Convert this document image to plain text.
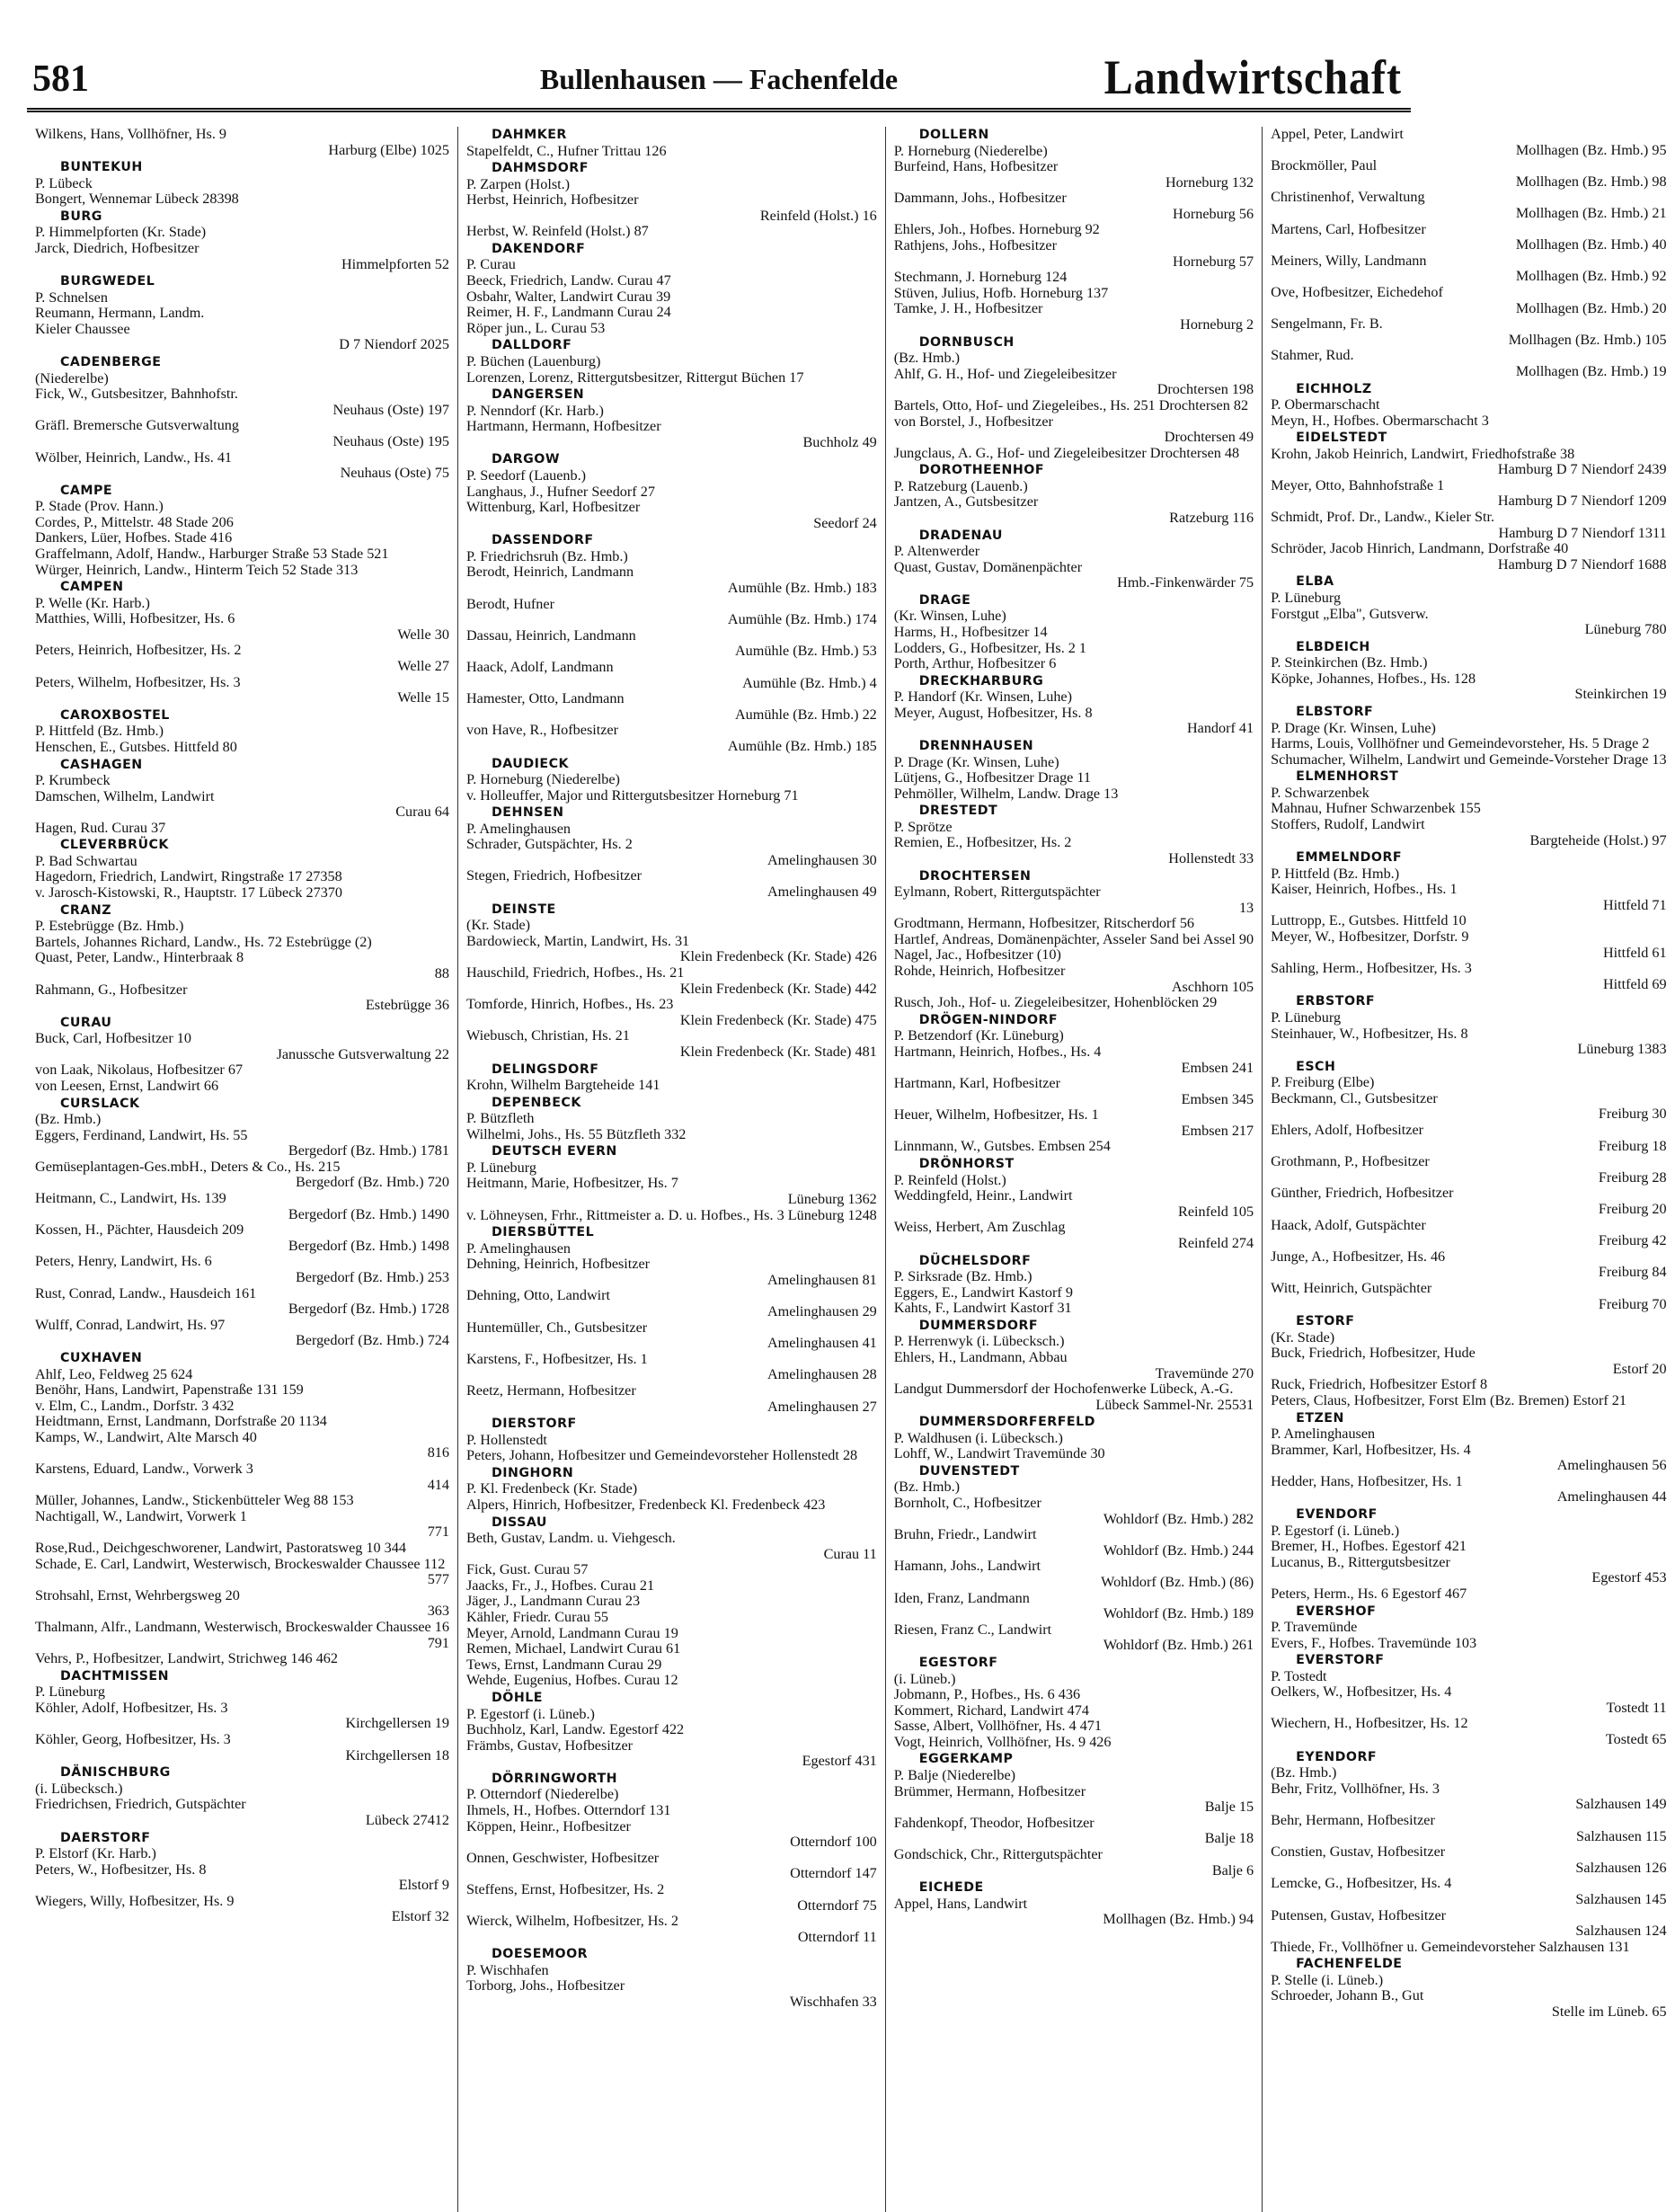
581	Bullenhausen — Fachenfelde	Landwirtschaft
Wilkens, Hans, Vollhöfner, Hs. 9
Harburg (Elbe) 1025
BUNTEKUH
P. Lübeck
Bongert, Wennemar Lübeck 28398
BURG
P. Himmelpforten (Kr. Stade)
Jarck, Diedrich, Hofbesitzer
Himmelpforten 52
BURGWEDEL
P. Schnelsen
Reumann, Hermann, Landm.
Kieler Chaussee
D 7 Niendorf 2025
CADENBERGE
(Niederelbe)
Fick, W., Gutsbesitzer, Bahnhofstr.
Neuhaus (Oste) 197
Gräfl. Bremersche Gutsverwaltung
Neuhaus (Oste) 195
Wölber, Heinrich, Landw., Hs. 41
Neuhaus (Oste) 75
CAMPE
P. Stade (Prov. Hann.)
Cordes, P., Mittelstr. 48 Stade 206
Dankers, Lüer, Hofbes. Stade 416
Graffelmann, Adolf, Handw., Harburger Straße 53 Stade 521
Würger, Heinrich, Landw., Hinterm Teich 52 Stade 313
CAMPEN
P. Welle (Kr. Harb.)
Matthies, Willi, Hofbesitzer, Hs. 6
Welle 30
Peters, Heinrich, Hofbesitzer, Hs. 2
Welle 27
Peters, Wilhelm, Hofbesitzer, Hs. 3
Welle 15
CAROXBOSTEL
P. Hittfeld (Bz. Hmb.)
Henschen, E., Gutsbes. Hittfeld 80
CASHAGEN
P. Krumbeck
Damschen, Wilhelm, Landwirt
Curau 64
Hagen, Rud. Curau 37
CLEVERBRÜCK
P. Bad Schwartau
Hagedorn, Friedrich, Landwirt, Ringstraße 17 27358
v. Jarosch-Kistowski, R., Hauptstr. 17 Lübeck 27370
CRANZ
P. Estebrügge (Bz. Hmb.)
Bartels, Johannes Richard, Landw., Hs. 72 Estebrügge (2)
Quast, Peter, Landw., Hinterbraak 8
88
Rahmann, G., Hofbesitzer
Estebrügge 36
CURAU
Buck, Carl, Hofbesitzer 10
Janussche Gutsverwaltung 22
von Laak, Nikolaus, Hofbesitzer 67
von Leesen, Ernst, Landwirt 66
CURSLACK
(Bz. Hmb.)
Eggers, Ferdinand, Landwirt, Hs. 55
Bergedorf (Bz. Hmb.) 1781
Gemüseplantagen-Ges.mbH., Deters & Co., Hs. 215
Bergedorf (Bz. Hmb.) 720
Heitmann, C., Landwirt, Hs. 139
Bergedorf (Bz. Hmb.) 1490
Kossen, H., Pächter, Hausdeich 209
Bergedorf (Bz. Hmb.) 1498
Peters, Henry, Landwirt, Hs. 6
Bergedorf (Bz. Hmb.) 253
Rust, Conrad, Landw., Hausdeich 161
Bergedorf (Bz. Hmb.) 1728
Wulff, Conrad, Landwirt, Hs. 97
Bergedorf (Bz. Hmb.) 724
CUXHAVEN
Ahlf, Leo, Feldweg 25 624
Benöhr, Hans, Landwirt, Papenstraße 131 159
v. Elm, C., Landm., Dorfstr. 3 432
Heidtmann, Ernst, Landmann, Dorfstraße 20 1134
Kamps, W., Landwirt, Alte Marsch 40
816
Karstens, Eduard, Landw., Vorwerk 3
414
Müller, Johannes, Landw., Stickenbütteler Weg 88 153
Nachtigall, W., Landwirt, Vorwerk 1
771
Rose,Rud., Deichgeschworener, Landwirt, Pastoratsweg 10 344
Schade, E. Carl, Landwirt, Westerwisch, Brockeswalder Chaussee 112
577
Strohsahl, Ernst, Wehrbergsweg 20
363
Thalmann, Alfr., Landmann, Westerwisch, Brockeswalder Chaussee 16
791
Vehrs, P., Hofbesitzer, Landwirt, Strichweg 146 462
DACHTMISSEN
P. Lüneburg
Köhler, Adolf, Hofbesitzer, Hs. 3
Kirchgellersen 19
Köhler, Georg, Hofbesitzer, Hs. 3
Kirchgellersen 18
DÄNISCHBURG
(i. Lübecksch.)
Friedrichsen, Friedrich, Gutspächter
Lübeck 27412
DAERSTORF
P. Elstorf (Kr. Harb.)
Peters, W., Hofbesitzer, Hs. 8
Elstorf 9
Wiegers, Willy, Hofbesitzer, Hs. 9
Elstorf 32
DAHMKER
Stapelfeldt, C., Hufner Trittau 126
DAHMSDORF
P. Zarpen (Holst.)
Herbst, Heinrich, Hofbesitzer
Reinfeld (Holst.) 16
Herbst, W. Reinfeld (Holst.) 87
DAKENDORF
P. Curau
Beeck, Friedrich, Landw. Curau 47
Osbahr, Walter, Landwirt Curau 39
Reimer, H. F., Landmann Curau 24
Röper jun., L. Curau 53
DALLDORF
P. Büchen (Lauenburg)
Lorenzen, Lorenz, Rittergutsbesitzer, Rittergut Büchen 17
DANGERSEN
P. Nenndorf (Kr. Harb.)
Hartmann, Hermann, Hofbesitzer
Buchholz 49
DARGOW
P. Seedorf (Lauenb.)
Langhaus, J., Hufner Seedorf 27
Wittenburg, Karl, Hofbesitzer
Seedorf 24
DASSENDORF
P. Friedrichsruh (Bz. Hmb.)
Berodt, Heinrich, Landmann
Aumühle (Bz. Hmb.) 183
Berodt, Hufner
Aumühle (Bz. Hmb.) 174
Dassau, Heinrich, Landmann
Aumühle (Bz. Hmb.) 53
Haack, Adolf, Landmann
Aumühle (Bz. Hmb.) 4
Hamester, Otto, Landmann
Aumühle (Bz. Hmb.) 22
von Have, R., Hofbesitzer
Aumühle (Bz. Hmb.) 185
DAUDIECK
P. Horneburg (Niederelbe)
v. Holleuffer, Major und Rittergutsbesitzer Horneburg 71
DEHNSEN
P. Amelinghausen
Schrader, Gutspächter, Hs. 2
Amelinghausen 30
Stegen, Friedrich, Hofbesitzer
Amelinghausen 49
DEINSTE
(Kr. Stade)
Bardowieck, Martin, Landwirt, Hs. 31
Klein Fredenbeck (Kr. Stade) 426
Hauschild, Friedrich, Hofbes., Hs. 21
Klein Fredenbeck (Kr. Stade) 442
Tomforde, Hinrich, Hofbes., Hs. 23
Klein Fredenbeck (Kr. Stade) 475
Wiebusch, Christian, Hs. 21
Klein Fredenbeck (Kr. Stade) 481
DELINGSDORF
Krohn, Wilhelm Bargteheide 141
DEPENBECK
P. Bützfleth
Wilhelmi, Johs., Hs. 55 Bützfleth 332
DEUTSCH EVERN
P. Lüneburg
Heitmann, Marie, Hofbesitzer, Hs. 7
Lüneburg 1362
v. Löhneysen, Frhr., Rittmeister a. D. u. Hofbes., Hs. 3 Lüneburg 1248
DIERSBÜTTEL
P. Amelinghausen
Dehning, Heinrich, Hofbesitzer
Amelinghausen 81
Dehning, Otto, Landwirt
Amelinghausen 29
Huntemüller, Ch., Gutsbesitzer
Amelinghausen 41
Karstens, F., Hofbesitzer, Hs. 1
Amelinghausen 28
Reetz, Hermann, Hofbesitzer
Amelinghausen 27
DIERSTORF
P. Hollenstedt
Peters, Johann, Hofbesitzer und Gemeindevorsteher Hollenstedt 28
DINGHORN
P. Kl. Fredenbeck (Kr. Stade)
Alpers, Hinrich, Hofbesitzer, Fredenbeck Kl. Fredenbeck 423
DISSAU
Beth, Gustav, Landm. u. Viehgesch.
Curau 11
Fick, Gust. Curau 57
Jaacks, Fr., J., Hofbes. Curau 21
Jäger, J., Landmann Curau 23
Kähler, Friedr. Curau 55
Meyer, Arnold, Landmann Curau 19
Remen, Michael, Landwirt Curau 61
Tews, Ernst, Landmann Curau 29
Wehde, Eugenius, Hofbes. Curau 12
DÖHLE
P. Egestorf (i. Lüneb.)
Buchholz, Karl, Landw. Egestorf 422
Främbs, Gustav, Hofbesitzer
Egestorf 431
DÖRRINGWORTH
P. Otterndorf (Niederelbe)
Ihmels, H., Hofbes. Otterndorf 131
Köppen, Heinr., Hofbesitzer
Otterndorf 100
Onnen, Geschwister, Hofbesitzer
Otterndorf 147
Steffens, Ernst, Hofbesitzer, Hs. 2
Otterndorf 75
Wierck, Wilhelm, Hofbesitzer, Hs. 2
Otterndorf 11
DOESEMOOR
P. Wischhafen
Torborg, Johs., Hofbesitzer
Wischhafen 33
DOLLERN
P. Horneburg (Niederelbe)
Burfeind, Hans, Hofbesitzer
Horneburg 132
Dammann, Johs., Hofbesitzer
Horneburg 56
Ehlers, Joh., Hofbes. Horneburg 92
Rathjens, Johs., Hofbesitzer
Horneburg 57
Stechmann, J. Horneburg 124
Stüven, Julius, Hofb. Horneburg 137
Tamke, J. H., Hofbesitzer
Horneburg 2
DORNBUSCH
(Bz. Hmb.)
Ahlf, G. H., Hof- und Ziegeleibesitzer
Drochtersen 198
Bartels, Otto, Hof- und Ziegeleibes., Hs. 251 Drochtersen 82
von Borstel, J., Hofbesitzer
Drochtersen 49
Jungclaus, A. G., Hof- und Ziegeleibesitzer Drochtersen 48
DOROTHEENHOF
P. Ratzeburg (Lauenb.)
Jantzen, A., Gutsbesitzer
Ratzeburg 116
DRADENAU
P. Altenwerder
Quast, Gustav, Domänenpächter
Hmb.-Finkenwärder 75
DRAGE
(Kr. Winsen, Luhe)
Harms, H., Hofbesitzer 14
Lodders, G., Hofbesitzer, Hs. 2 1
Porth, Arthur, Hofbesitzer 6
DRECKHARBURG
P. Handorf (Kr. Winsen, Luhe)
Meyer, August, Hofbesitzer, Hs. 8
Handorf 41
DRENNHAUSEN
P. Drage (Kr. Winsen, Luhe)
Lütjens, G., Hofbesitzer Drage 11
Pehmöller, Wilhelm, Landw. Drage 13
DRESTEDT
P. Sprötze
Remien, E., Hofbesitzer, Hs. 2
Hollenstedt 33
DROCHTERSEN
Eylmann, Robert, Rittergutspächter
13
Grodtmann, Hermann, Hofbesitzer, Ritscherdorf 56
Hartlef, Andreas, Domänenpächter, Asseler Sand bei Assel 90
Nagel, Jac., Hofbesitzer (10)
Rohde, Heinrich, Hofbesitzer
Aschhorn 105
Rusch, Joh., Hof- u. Ziegeleibesitzer, Hohenblöcken 29
DRÖGEN-NINDORF
P. Betzendorf (Kr. Lüneburg)
Hartmann, Heinrich, Hofbes., Hs. 4
Embsen 241
Hartmann, Karl, Hofbesitzer
Embsen 345
Heuer, Wilhelm, Hofbesitzer, Hs. 1
Embsen 217
Linnmann, W., Gutsbes. Embsen 254
DRÖNHORST
P. Reinfeld (Holst.)
Weddingfeld, Heinr., Landwirt
Reinfeld 105
Weiss, Herbert, Am Zuschlag
Reinfeld 274
DÜCHELSDORF
P. Sirksrade (Bz. Hmb.)
Eggers, E., Landwirt Kastorf 9
Kahts, F., Landwirt Kastorf 31
DUMMERSDORF
P. Herrenwyk (i. Lübecksch.)
Ehlers, H., Landmann, Abbau
Travemünde 270
Landgut Dummersdorf der Hochofenwerke Lübeck, A.-G.
Lübeck Sammel-Nr. 25531
DUMMERSDORFERFELD
P. Waldhusen (i. Lübecksch.)
Lohff, W., Landwirt Travemünde 30
DUVENSTEDT
(Bz. Hmb.)
Bornholt, C., Hofbesitzer
Wohldorf (Bz. Hmb.) 282
Bruhn, Friedr., Landwirt
Wohldorf (Bz. Hmb.) 244
Hamann, Johs., Landwirt
Wohldorf (Bz. Hmb.) (86)
Iden, Franz, Landmann
Wohldorf (Bz. Hmb.) 189
Riesen, Franz C., Landwirt
Wohldorf (Bz. Hmb.) 261
EGESTORF
(i. Lüneb.)
Jobmann, P., Hofbes., Hs. 6 436
Kommert, Richard, Landwirt 474
Sasse, Albert, Vollhöfner, Hs. 4 471
Vogt, Heinrich, Vollhöfner, Hs. 9 426
EGGERKAMP
P. Balje (Niederelbe)
Brümmer, Hermann, Hofbesitzer
Balje 15
Fahdenkopf, Theodor, Hofbesitzer
Balje 18
Gondschick, Chr., Rittergutspächter
Balje 6
EICHEDE
Appel, Hans, Landwirt
Mollhagen (Bz. Hmb.) 94
Appel, Peter, Landwirt
Mollhagen (Bz. Hmb.) 95
Brockmöller, Paul
Mollhagen (Bz. Hmb.) 98
Christinenhof, Verwaltung
Mollhagen (Bz. Hmb.) 21
Martens, Carl, Hofbesitzer
Mollhagen (Bz. Hmb.) 40
Meiners, Willy, Landmann
Mollhagen (Bz. Hmb.) 92
Ove, Hofbesitzer, Eichedehof
Mollhagen (Bz. Hmb.) 20
Sengelmann, Fr. B.
Mollhagen (Bz. Hmb.) 105
Stahmer, Rud.
Mollhagen (Bz. Hmb.) 19
EICHHOLZ
P. Obermarschacht
Meyn, H., Hofbes. Obermarschacht 3
EIDELSTEDT
Krohn, Jakob Heinrich, Landwirt, Friedhofstraße 38
Hamburg D 7 Niendorf 2439
Meyer, Otto, Bahnhofstraße 1
Hamburg D 7 Niendorf 1209
Schmidt, Prof. Dr., Landw., Kieler Str.
Hamburg D 7 Niendorf 1311
Schröder, Jacob Hinrich, Landmann, Dorfstraße 40
Hamburg D 7 Niendorf 1688
ELBA
P. Lüneburg
Forstgut „Elba", Gutsverw.
Lüneburg 780
ELBDEICH
P. Steinkirchen (Bz. Hmb.)
Köpke, Johannes, Hofbes., Hs. 128
Steinkirchen 19
ELBSTORF
P. Drage (Kr. Winsen, Luhe)
Harms, Louis, Vollhöfner und Gemeindevorsteher, Hs. 5 Drage 2
Schumacher, Wilhelm, Landwirt und Gemeinde-Vorsteher Drage 13
ELMENHORST
P. Schwarzenbek
Mahnau, Hufner Schwarzenbek 155
Stoffers, Rudolf, Landwirt
Bargteheide (Holst.) 97
EMMELNDORF
P. Hittfeld (Bz. Hmb.)
Kaiser, Heinrich, Hofbes., Hs. 1
Hittfeld 71
Luttropp, E., Gutsbes. Hittfeld 10
Meyer, W., Hofbesitzer, Dorfstr. 9
Hittfeld 61
Sahling, Herm., Hofbesitzer, Hs. 3
Hittfeld 69
ERBSTORF
P. Lüneburg
Steinhauer, W., Hofbesitzer, Hs. 8
Lüneburg 1383
ESCH
P. Freiburg (Elbe)
Beckmann, Cl., Gutsbesitzer
Freiburg 30
Ehlers, Adolf, Hofbesitzer
Freiburg 18
Grothmann, P., Hofbesitzer
Freiburg 28
Günther, Friedrich, Hofbesitzer
Freiburg 20
Haack, Adolf, Gutspächter
Freiburg 42
Junge, A., Hofbesitzer, Hs. 46
Freiburg 84
Witt, Heinrich, Gutspächter
Freiburg 70
ESTORF
(Kr. Stade)
Buck, Friedrich, Hofbesitzer, Hude
Estorf 20
Ruck, Friedrich, Hofbesitzer Estorf 8
Peters, Claus, Hofbesitzer, Forst Elm (Bz. Bremen) Estorf 21
ETZEN
P. Amelinghausen
Brammer, Karl, Hofbesitzer, Hs. 4
Amelinghausen 56
Hedder, Hans, Hofbesitzer, Hs. 1
Amelinghausen 44
EVENDORF
P. Egestorf (i. Lüneb.)
Bremer, H., Hofbes. Egestorf 421
Lucanus, B., Rittergutsbesitzer
Egestorf 453
Peters, Herm., Hs. 6 Egestorf 467
EVERSHOF
P. Travemünde
Evers, F., Hofbes. Travemünde 103
EVERSTORF
P. Tostedt
Oelkers, W., Hofbesitzer, Hs. 4
Tostedt 11
Wiechern, H., Hofbesitzer, Hs. 12
Tostedt 65
EYENDORF
(Bz. Hmb.)
Behr, Fritz, Vollhöfner, Hs. 3
Salzhausen 149
Behr, Hermann, Hofbesitzer
Salzhausen 115
Constien, Gustav, Hofbesitzer
Salzhausen 126
Lemcke, G., Hofbesitzer, Hs. 4
Salzhausen 145
Putensen, Gustav, Hofbesitzer
Salzhausen 124
Thiede, Fr., Vollhöfner u. Gemeindevorsteher Salzhausen 131
FACHENFELDE
P. Stelle (i. Lüneb.)
Schroeder, Johann B., Gut
Stelle im Lüneb. 65
